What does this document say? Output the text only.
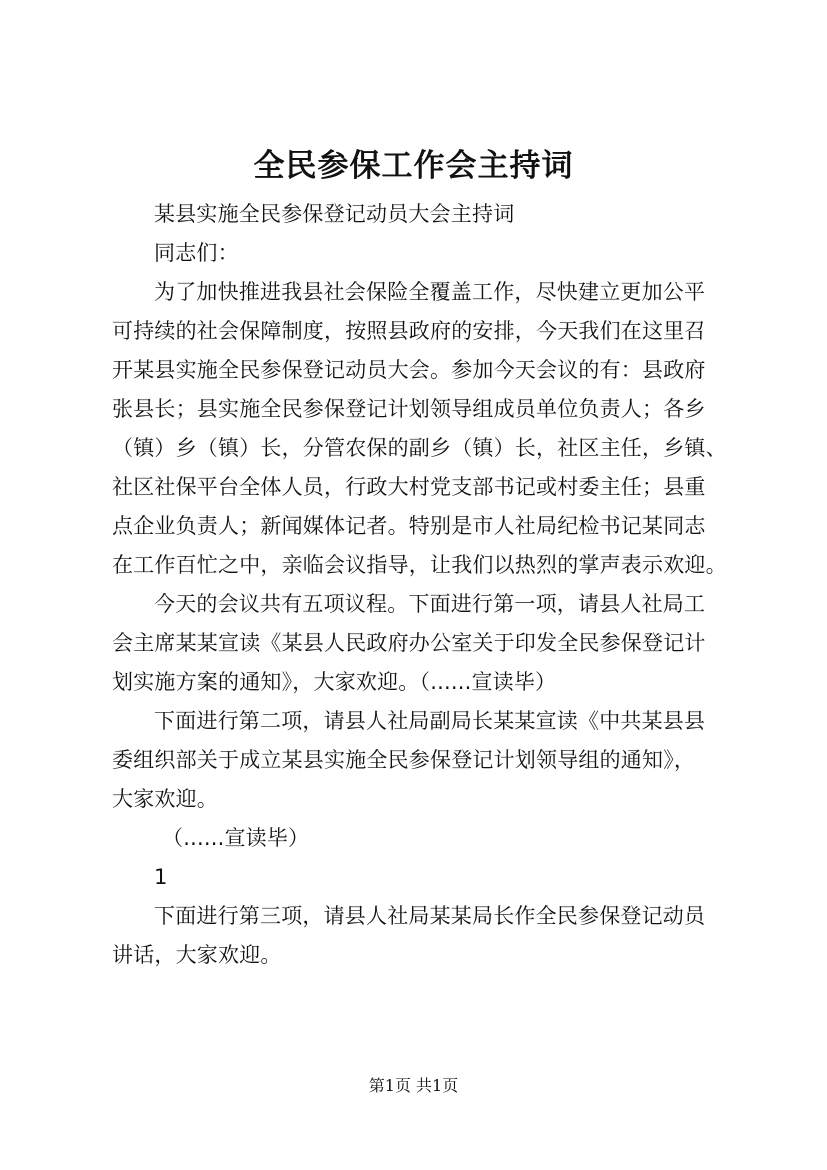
全民参保工作会主持词
某县实施全民参保登记动员大会主持词
同志们：
为了加快推进我县社会保险全覆盖工作，尽快建立更加公平
可持续的社会保障制度，按照县政府的安排，今天我们在这里召
开某县实施全民参保登记动员大会。参加今天会议的有：县政府
张县长；县实施全民参保登记计划领导组成员单位负责人；各乡
（镇）乡（镇）长，分管农保的副乡（镇）长，社区主任，乡镇、
社区社保平台全体人员，行政大村党支部书记或村委主任；县重
点企业负责人；新闻媒体记者。特别是市人社局纪检书记某同志
在工作百忙之中，亲临会议指导，让我们以热烈的掌声表示欢迎。
今天的会议共有五项议程。下面进行第一项，请县人社局工
会主席某某宣读《某县人民政府办公室关于印发全民参保登记计
划实施方案的通知》，大家欢迎。（......宣读毕）
下面进行第二项，请县人社局副局长某某宣读《中共某县县
委组织部关于成立某县实施全民参保登记计划领导组的通知》，
大家欢迎。
（......宣读毕）
1
下面进行第三项，请县人社局某某局长作全民参保登记动员
讲话，大家欢迎。
第1页 共1页
